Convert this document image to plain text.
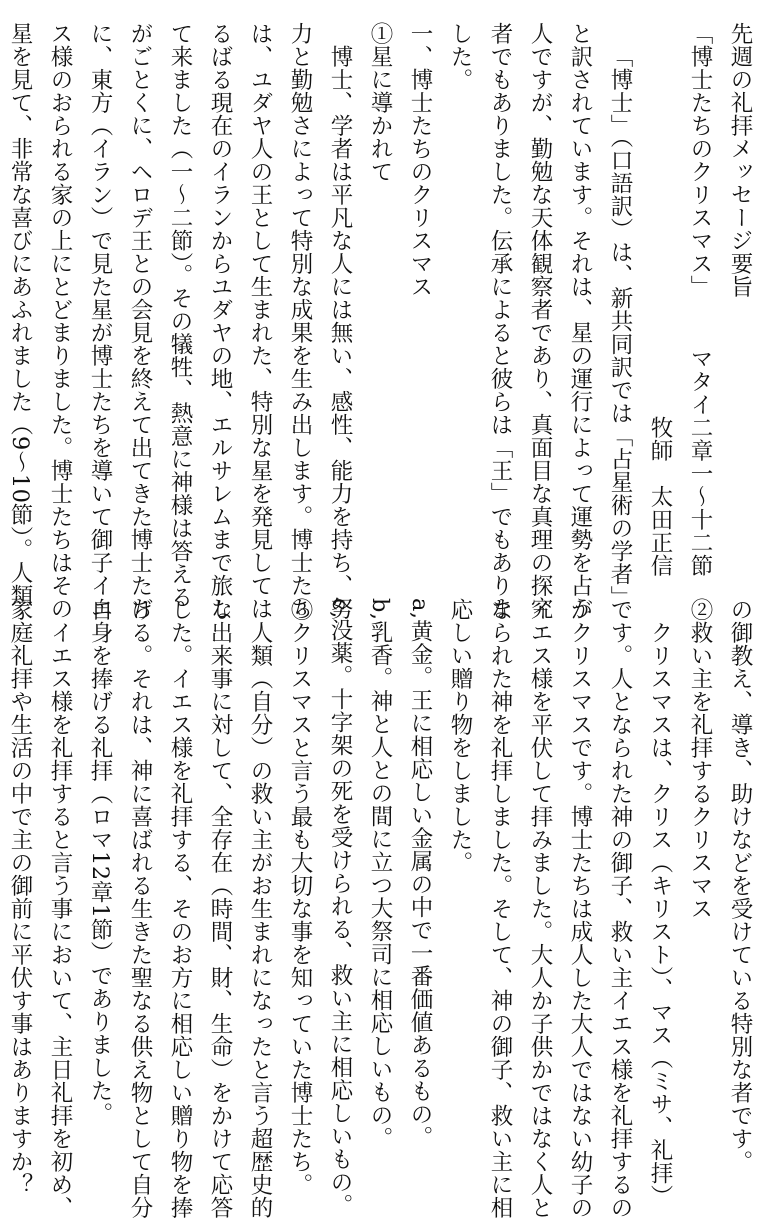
先週の礼拝メッセージ要旨
「博士たちのクリスマス」
マタイ二章一～十二節
牧師　太田正信
「博士」（口語訳）は、新共同訳では「占星術の学者」
と訳されています。それは、星の運行によって運勢を占う
人ですが、勤勉な天体観察者であり、真面目な真理の探究
者でもありました。伝承によると彼らは「王」でもありま
した。
一、博士たちのクリスマス
①星に導かれて
博士、学者は平凡な人には無い、感性、能力を持ち、努
力と勤勉さによって特別な成果を生み出します。博士たち
は、ユダヤ人の王として生まれた、特別な星を発見しては
るばる現在のイランからユダヤの地、エルサレムまで旅し
て来ました（一～二節）。その犠牲、熱意に神様は答える
がごとくに、ヘロデ王との会見を終えて出てきた博士たち
に、東方（イラン）で見た星が博士たちを導いて御子イエ
ス様のおられる家の上にとどまりました。博士たちはその
星を見て、非常な喜びにあふれました（9～10節）。人類
の御教え、導き、助けなどを受けている特別な者です。
②救い主を礼拝するクリスマス
クリスマスは、クリス（キリスト）、マス（ミサ、礼拝）
です。人となられた神の御子、救い主イエス様を礼拝するの
がクリスマスです。博士たちは成人した大人ではない幼子の
イエス様を平伏して拝みました。大人か子供かではなく人と
なられた神を礼拝しました。そして、神の御子、救い主に相
応しい贈り物をしました。
a,黄金。王に相応しい金属の中で一番価値あるもの。
b,乳香。神と人との間に立つ大祭司に相応しいもの。
c,没薬。十字架の死を受けられる、救い主に相応しいもの。
③クリスマスと言う最も大切な事を知っていた博士たち。
人類（自分）の救い主がお生まれになったと言う超歴史的
な出来事に対して、全存在（時間、財、生命）をかけて応答
した。イエス様を礼拝する、そのお方に相応しい贈り物を捧
げる。それは、神に喜ばれる生きた聖なる供え物として自分
自身を捧げる礼拝（ロマ12章1節）でありました。
イエス様を礼拝すると言う事において、主日礼拝を初め、
家庭礼拝や生活の中で主の御前に平伏す事はありますか？
